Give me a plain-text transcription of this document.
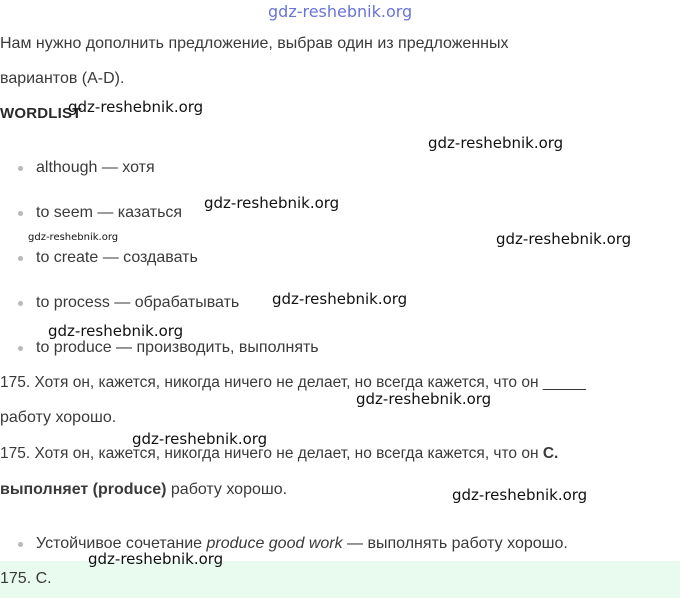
gdz-reshebnik.org
Нам нужно дополнить предложение, выбрав один из предложенных
вариантов (A-D).
WORDLIST
although — хотя
to seem — казаться
to create — создавать
to process — обрабатывать
to produce — производить, выполнять
175. Хотя он, кажется, никогда ничего не делает, но всегда кажется, что он _____
работу хорошо.
175. Хотя он, кажется, никогда ничего не делает, но всегда кажется, что он C.
выполняет (produce) работу хорошо.
Устойчивое сочетание produce good work — выполнять работу хорошо.
175. C.
gdz-reshebnik.org
gdz-reshebnik.org
gdz-reshebnik.org
gdz-reshebnik.org	gdz-reshebnik.org
gdz-reshebnik.org
gdz-reshebnik.org
gdz-reshebnik.org
gdz-reshebnik.org
gdz-reshebnik.org
gdz-reshebnik.org
